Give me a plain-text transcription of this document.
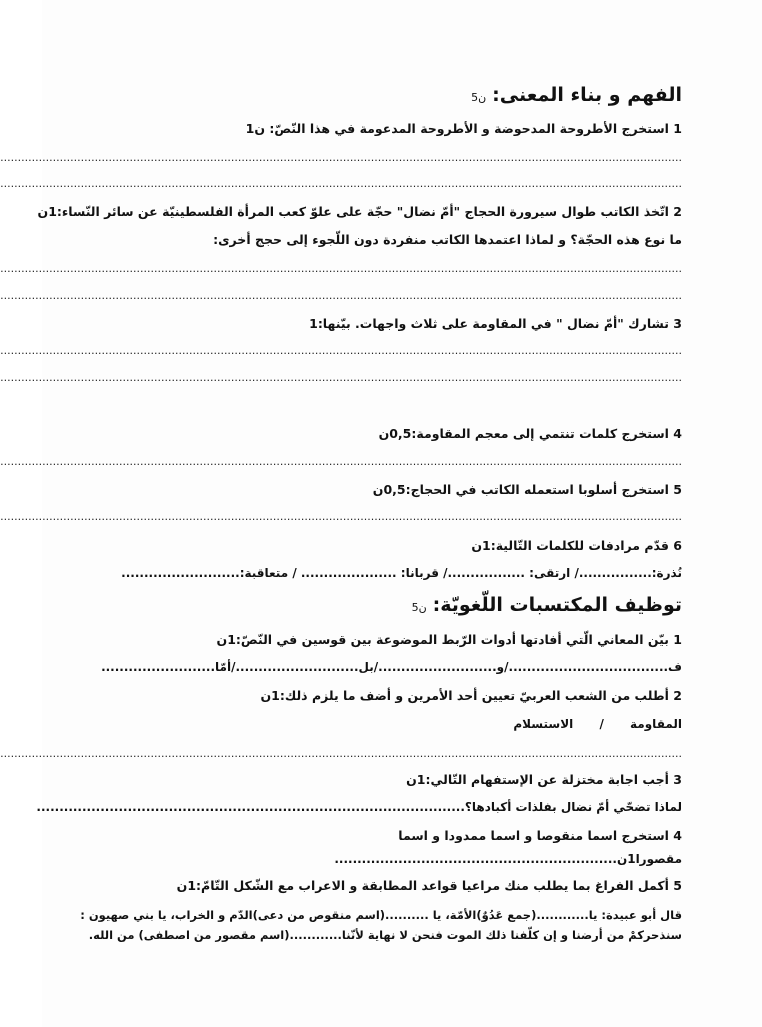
الفهم و بناء المعنى:ن5
1 استخرج الأطروحة المدحوضة و الأطروحة المدعومة في هذا النّصّ: ن1
...................................................................................................................................................................................................
...................................................................................................................................................................................................
2 اتّخذ الكاتب طوال سيرورة الحجاج "أمّ نضال" حجّة على علوّ كعب المرأة الفلسطينيّة عن سائر النّساء:1ن
ما نوع هذه الحجّة؟ و لماذا اعتمدها الكاتب منفردة دون اللّجوء إلى حجج أخرى:
...................................................................................................................................................................................................
...................................................................................................................................................................................................
3 تشارك "أمّ نضال " في المقاومة على ثلاث واجهات. بيّنها:1
...................................................................................................................................................................................................
...................................................................................................................................................................................................
4 استخرج كلمات تنتمي إلى معجم المقاومة:0,5ن
...................................................................................................................................................................................................
5 استخرج أسلوبا استعمله الكاتب في الحجاج:0,5ن
...................................................................................................................................................................................................
6 قدّم مرادفات للكلمات التّالية:1ن
نُذرة:................/ ارتقى: ................./ قربانا: ..................... / متعاقبة:..........................
توظيف المكتسبات اللّغويّة:ن5
1 بيّن المعاني الّتي أفادتها أدوات الرّبط الموضوعة بين قوسين في النّصّ:1ن
ف.................................../و........................../بل.........................../أمّا.........................
2 أطلب من الشعب العربيّ تعيين أحد الأمرين و أضف ما يلزم ذلك:1ن
المقاومة / الاستسلام
...................................................................................................................................................................................................
3 أجب اجابة مختزلة عن الإستفهام التّالي:1ن
لماذا تضحّي أمّ نضال بفلذات أكبادها؟..............................................................................................
4 استخرج اسما منقوصا و اسما ممدودا و اسما
مقصورا1ن..............................................................
5 أكمل الفراغ بما يطلب منك مراعيا قواعد المطابقة و الاعراب مع الشّكل التّامّ:1ن
قال أبو عبيدة: يا............(جمع عَدُوٌ)الأمّة، يا ..........(اسم منقوص من دعى)الدّم و الخراب، يا بني صهيون :
سنذحركمْ من أرضنا و إن كلّفنا ذلك الموت فنحن لا نهاية لأنّنا............(اسم مقصور من اصطفى) من الله.
